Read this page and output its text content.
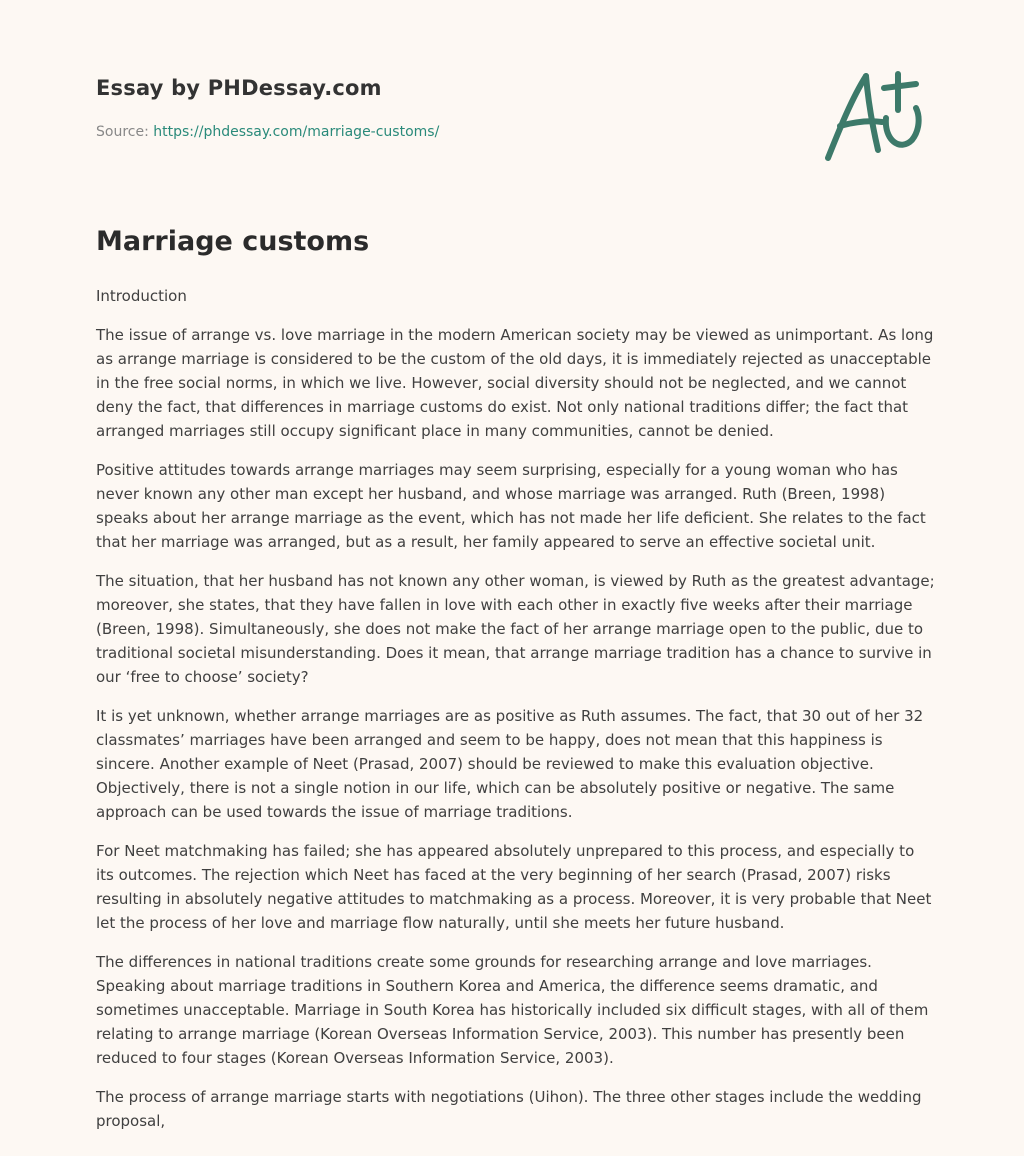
Essay by PHDessay.com
Source: https://phdessay.com/marriage-customs/
Marriage customs

Introduction

The issue of arrange vs. love marriage in the modern American society may be viewed as unimportant. As long as arrange marriage is considered to be the custom of the old days, it is immediately rejected as unacceptable in the free social norms, in which we live. However, social diversity should not be neglected, and we cannot deny the fact, that differences in marriage customs do exist. Not only national traditions differ; the fact that arranged marriages still occupy significant place in many communities, cannot be denied.

Positive attitudes towards arrange marriages may seem surprising, especially for a young woman who has never known any other man except her husband, and whose marriage was arranged. Ruth (Breen, 1998) speaks about her arrange marriage as the event, which has not made her life deficient. She relates to the fact that her marriage was arranged, but as a result, her family appeared to serve an effective societal unit.

The situation, that her husband has not known any other woman, is viewed by Ruth as the greatest advantage; moreover, she states, that they have fallen in love with each other in exactly five weeks after their marriage (Breen, 1998). Simultaneously, she does not make the fact of her arrange marriage open to the public, due to traditional societal misunderstanding. Does it mean, that arrange marriage tradition has a chance to survive in our ‘free to choose’ society?

It is yet unknown, whether arrange marriages are as positive as Ruth assumes. The fact, that 30 out of her 32 classmates’ marriages have been arranged and seem to be happy, does not mean that this happiness is sincere. Another example of Neet (Prasad, 2007) should be reviewed to make this evaluation objective. Objectively, there is not a single notion in our life, which can be absolutely positive or negative. The same approach can be used towards the issue of marriage traditions.

For Neet matchmaking has failed; she has appeared absolutely unprepared to this process, and especially to its outcomes. The rejection which Neet has faced at the very beginning of her search (Prasad, 2007) risks resulting in absolutely negative attitudes to matchmaking as a process. Moreover, it is very probable that Neet let the process of her love and marriage flow naturally, until she meets her future husband.

The differences in national traditions create some grounds for researching arrange and love marriages. Speaking about marriage traditions in Southern Korea and America, the difference seems dramatic, and sometimes unacceptable. Marriage in South Korea has historically included six difficult stages, with all of them relating to arrange marriage (Korean Overseas Information Service, 2003). This number has presently been reduced to four stages (Korean Overseas Information Service, 2003).

The process of arrange marriage starts with negotiations (Uihon). The three other stages include the wedding proposal,
